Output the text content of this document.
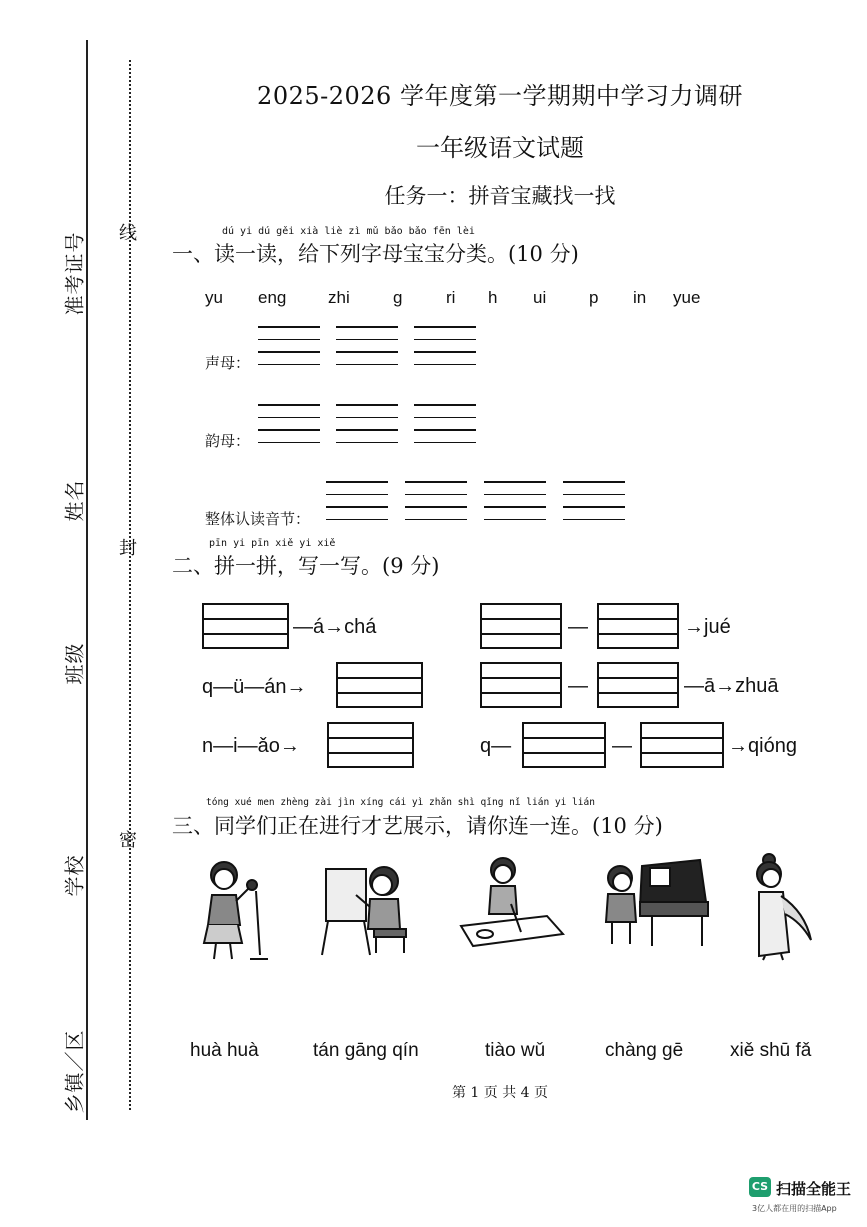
号
证
考
准
名
姓
级
班
校
学
区
／
镇
乡
线
封
密
2025-2026 学年度第一学期期中学习力调研
一年级语文试题
任务一：拼音宝藏找一找
dú yi dú gěi xià liè zì mǔ bǎo bǎo fēn lèi
一、读一读，给下列字母宝宝分类。(10 分)
yu eng zhi	g	ri h ui	p in yue
声母：
韵母：
整体认读音节：
pīn yi pīn xiě yi xiě
二、拼一拼，写一写。(9 分)
—á→chá	—	→jué
q—ü—án→	—	—ā→zhuā
n—i—ǎo→	q—	—	→qióng
tóng xué men zhèng zài jìn xíng cái yì zhǎn shì qǐng nǐ lián yi lián
三、同学们正在进行才艺展示，请你连一连。(10 分)
huà huà	tán gāng qín	tiào wǔ	chàng gē xiě shū fǎ
第 1 页 共 4 页
CS 扫描全能王
3亿人都在用的扫描App
